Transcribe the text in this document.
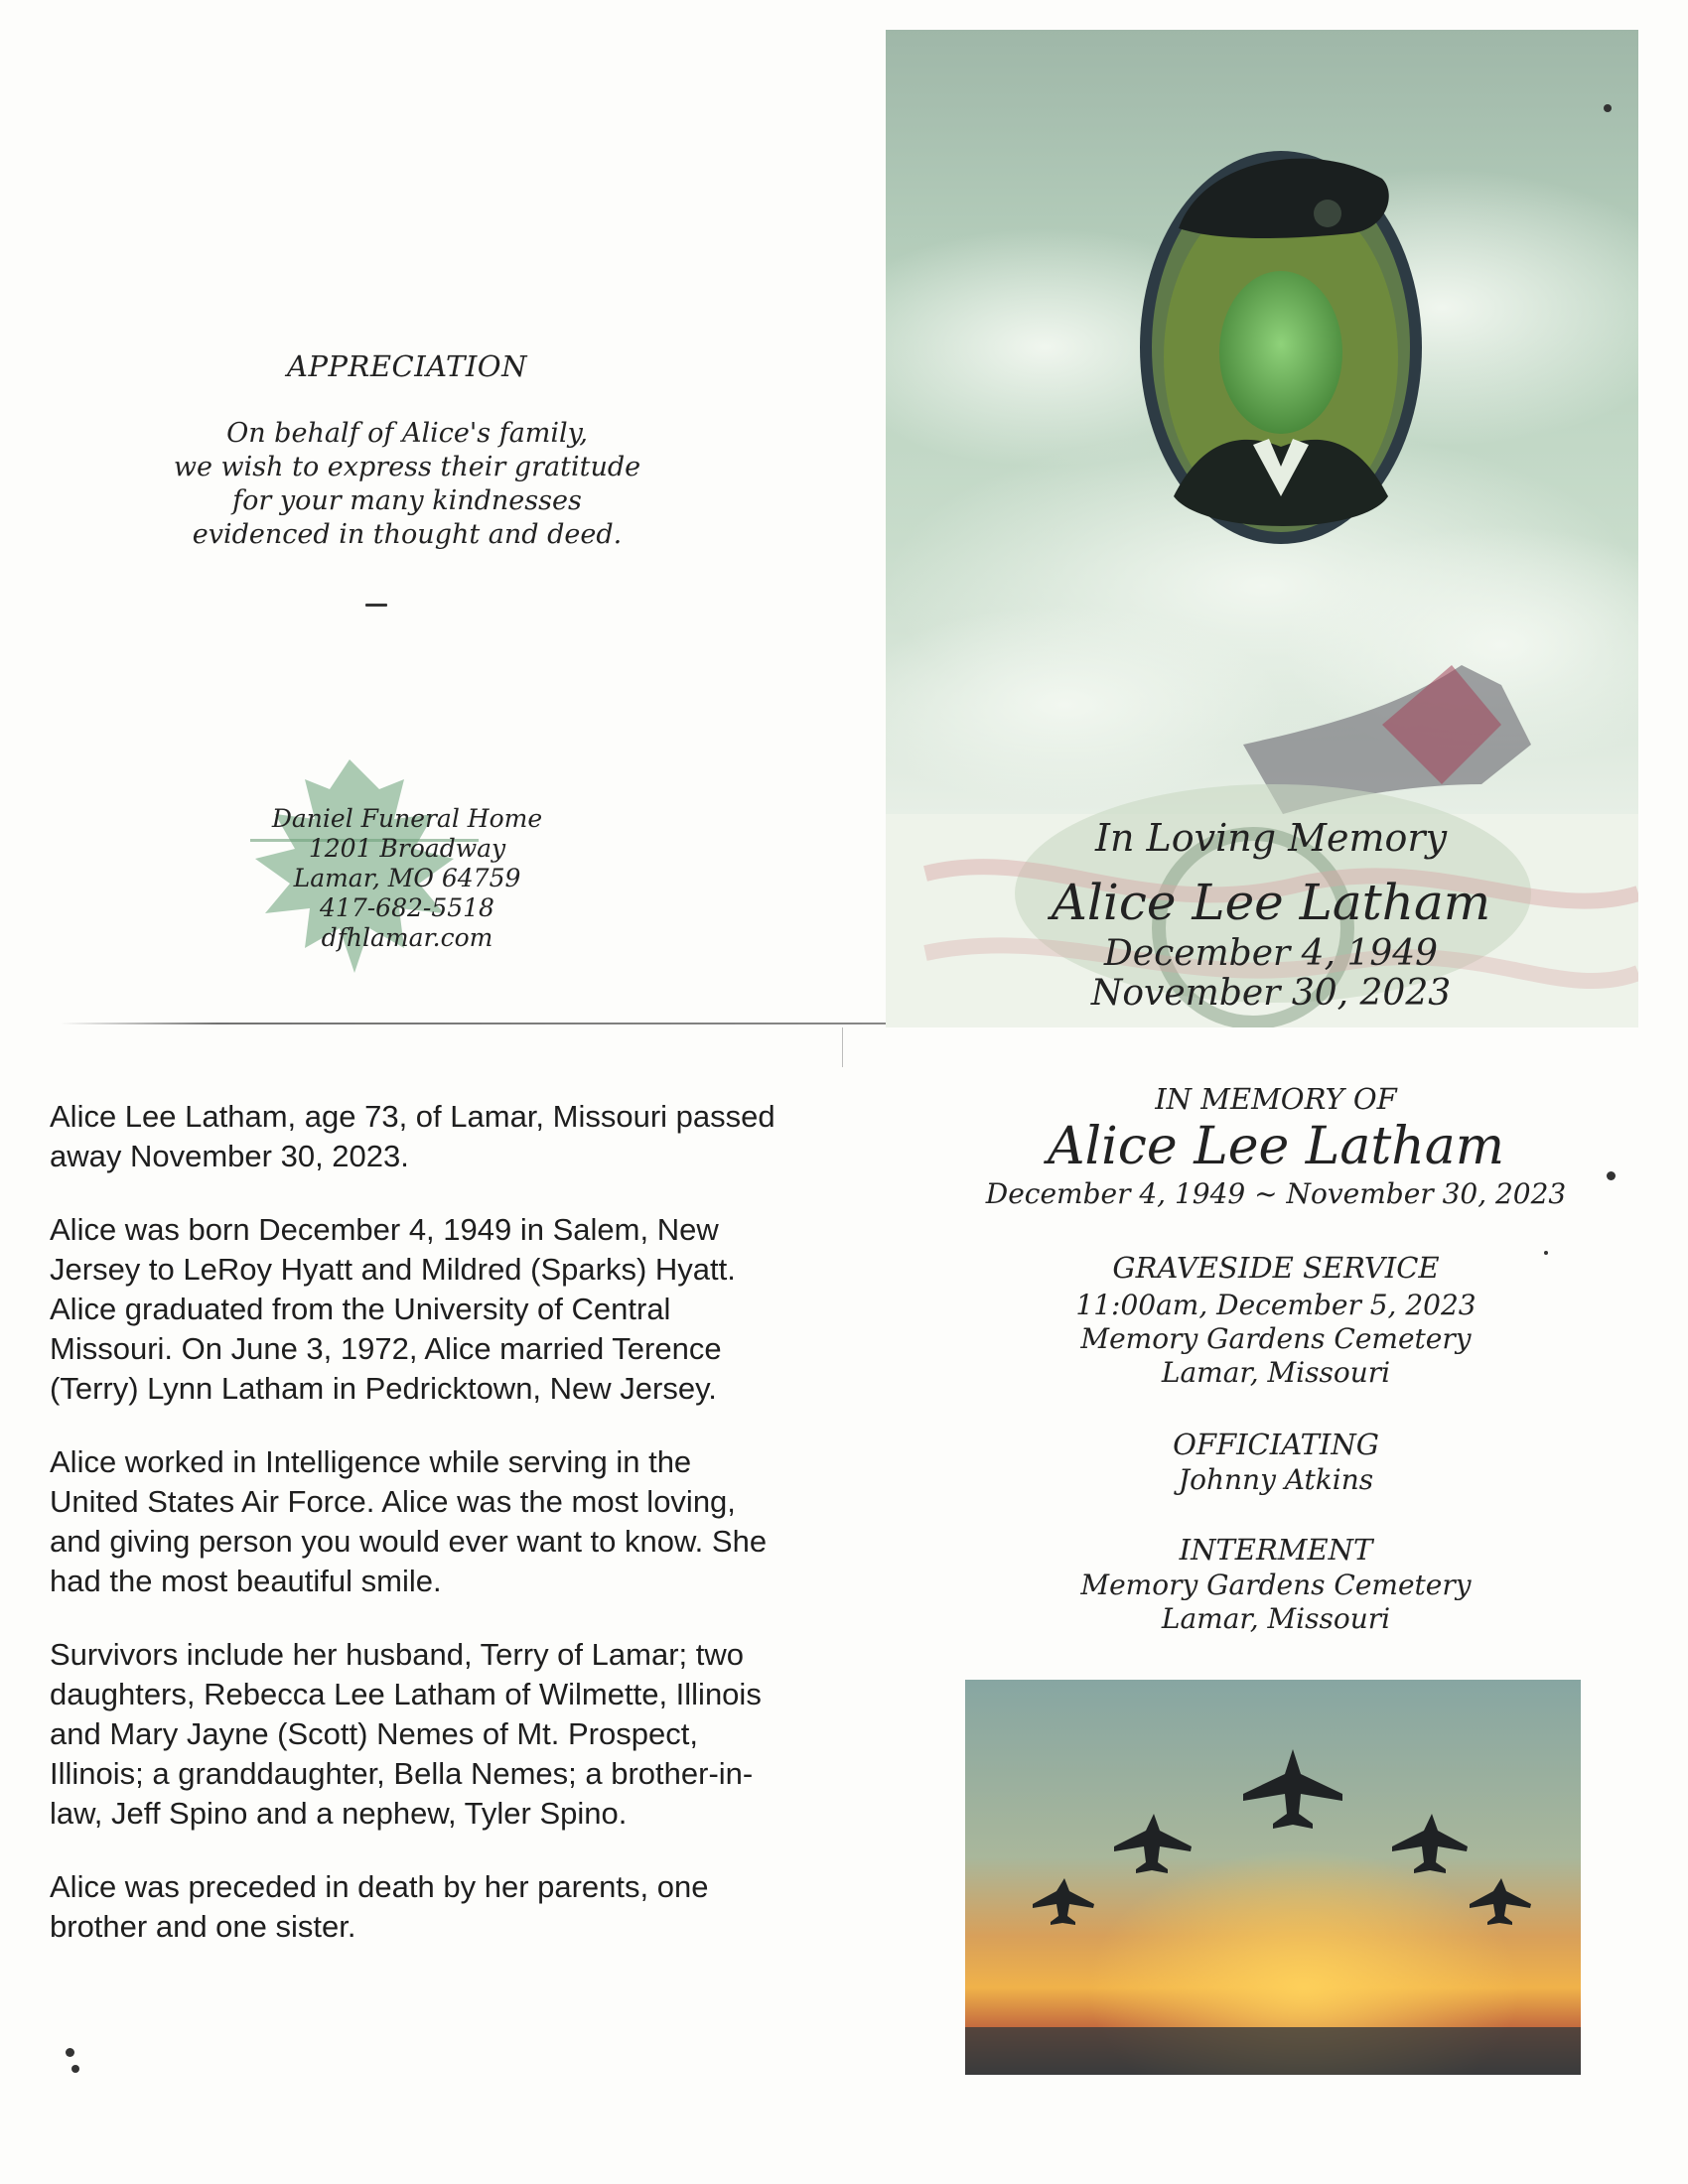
APPRECIATION
On behalf of Alice's family,
we wish to express their gratitude
for your many kindnesses
evidenced in thought and deed.
Daniel Funeral Home
1201 Broadway
Lamar, MO 64759
417-682-5518
dfhlamar.com
In Loving Memory
Alice Lee Latham
December 4, 1949
November 30, 2023

Alice Lee Latham, age 73, of Lamar, Missouri passed away November 30, 2023.

Alice was born December 4, 1949 in Salem, New Jersey to LeRoy Hyatt and Mildred (Sparks) Hyatt. Alice graduated from the University of Central Missouri. On June 3, 1972, Alice married Terence (Terry) Lynn Latham in Pedricktown, New Jersey.

Alice worked in Intelligence while serving in the United States Air Force. Alice was the most loving, and giving person you would ever want to know. She had the most beautiful smile.

Survivors include her husband, Terry of Lamar; two daughters, Rebecca Lee Latham of Wilmette, Illinois and Mary Jayne (Scott) Nemes of Mt. Prospect, Illinois; a granddaughter, Bella Nemes; a brother-in-law, Jeff Spino and a nephew, Tyler Spino.

Alice was preceded in death by her parents, one brother and one sister.

IN MEMORY OF
Alice Lee Latham
December 4, 1949 ~ November 30, 2023
GRAVESIDE SERVICE
11:00am, December 5, 2023
Memory Gardens Cemetery
Lamar, Missouri
OFFICIATING
Johnny Atkins
INTERMENT
Memory Gardens Cemetery
Lamar, Missouri
